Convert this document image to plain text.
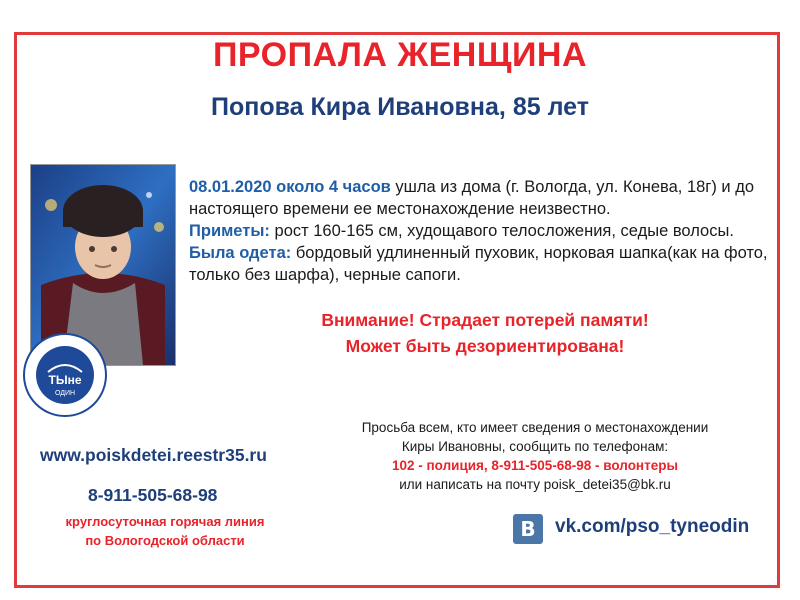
ПРОПАЛА ЖЕНЩИНА
Попова Кира Ивановна, 85 лет
ТЫне
ОДИН
08.01.2020 около 4 часов ушла из дома (г. Вологда, ул. Конева, 18г) и до настоящего времени ее местонахождение неизвестно.
Приметы: рост 160-165 см, худощавого телосложения, седые волосы.
Была одета: бордовый удлиненный пуховик, норковая шапка(как на фото, только без шарфа), черные сапоги.
Внимание! Страдает потерей памяти!
Может быть дезориентирована!
Просьба всем, кто имеет сведения о местонахождении
Киры Ивановны, сообщить по телефонам:
102 - полиция, 8-911-505-68-98 - волонтеры
или написать на почту poisk_detei35@bk.ru
www.poiskdetei.reestr35.ru
8-911-505-68-98
круглосуточная горячая линия
по Вологодской области	В	vk.com/pso_tyneodin
